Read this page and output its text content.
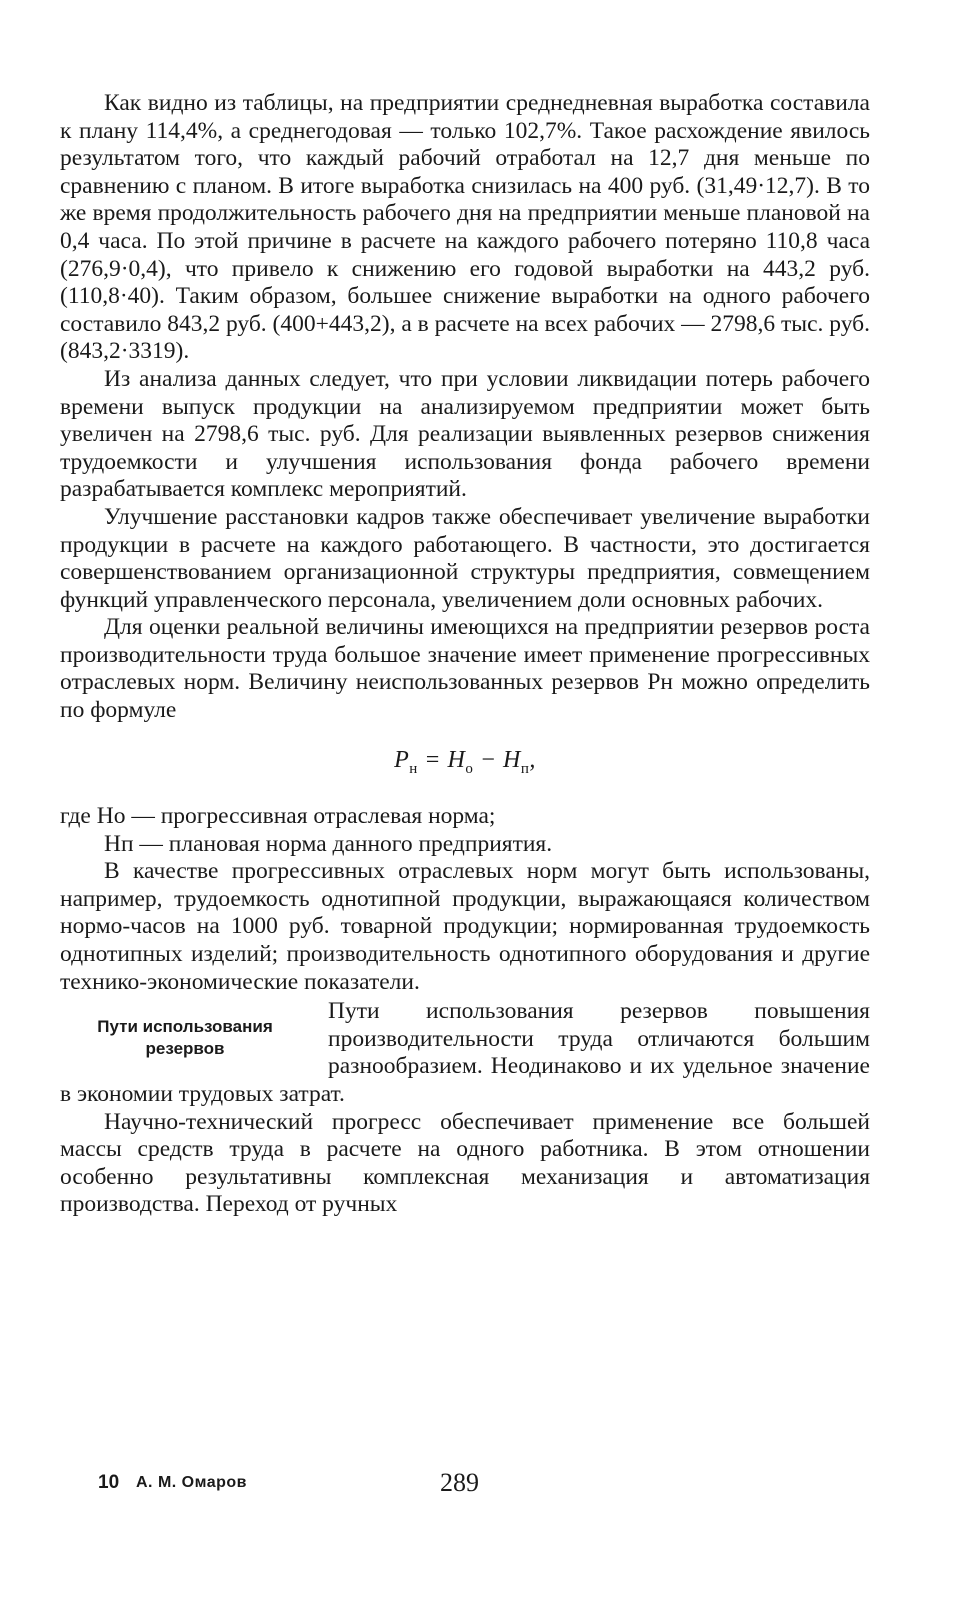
Как видно из таблицы, на предприятии среднедневная выработка составила к плану 114,4%, а среднегодовая — только 102,7%. Такое расхождение явилось результатом того, что каждый рабочий отработал на 12,7 дня меньше по сравнению с планом. В итоге выработка снизилась на 400 руб. (31,49·12,7). В то же время продолжительность рабочего дня на предприятии меньше плановой на 0,4 часа. По этой причине в расчете на каждого рабочего потеряно 110,8 часа (276,9·0,4), что привело к снижению его годовой выработки на 443,2 руб. (110,8·40). Таким образом, большее снижение выработки на одного рабочего составило 843,2 руб. (400+443,2), а в расчете на всех рабочих — 2798,6 тыс. руб. (843,2·3319).

Из анализа данных следует, что при условии ликвидации потерь рабочего времени выпуск продукции на анализируемом предприятии может быть увеличен на 2798,6 тыс. руб. Для реализации выявленных резервов снижения трудоемкости и улучшения использования фонда рабочего времени разрабатывается комплекс мероприятий.

Улучшение расстановки кадров также обеспечивает увеличение выработки продукции в расчете на каждого работающего. В частности, это достигается совершенствованием организационной структуры предприятия, совмещением функций управленческого персонала, увеличением доли основных рабочих.

Для оценки реальной величины имеющихся на предприятии резервов роста производительности труда большое значение имеет применение прогрессивных отраслевых норм. Величину неиспользованных резервов Рн можно определить по формуле

$Р_н = Н_о - Н_п$,

где Но — прогрессивная отраслевая норма;

Нп — плановая норма данного предприятия.

В качестве прогрессивных отраслевых норм могут быть использованы, например, трудоемкость однотипной продукции, выражающаяся количеством нормо-часов на 1000 руб. товарной продукции; нормированная трудоемкость однотипных изделий; производительность однотипного оборудования и другие технико-экономические показатели.

Пути использования резервов

Пути использования резервов повышения производительности труда отличаются большим разнообразием. Неодинаково и их удельное значение в экономии трудовых затрат.

Научно-технический прогресс обеспечивает применение все большей массы средств труда в расчете на одного работника. В этом отношении особенно результативны комплексная механизация и автоматизация производства. Переход от ручных

10 А. М. Омаров	289
